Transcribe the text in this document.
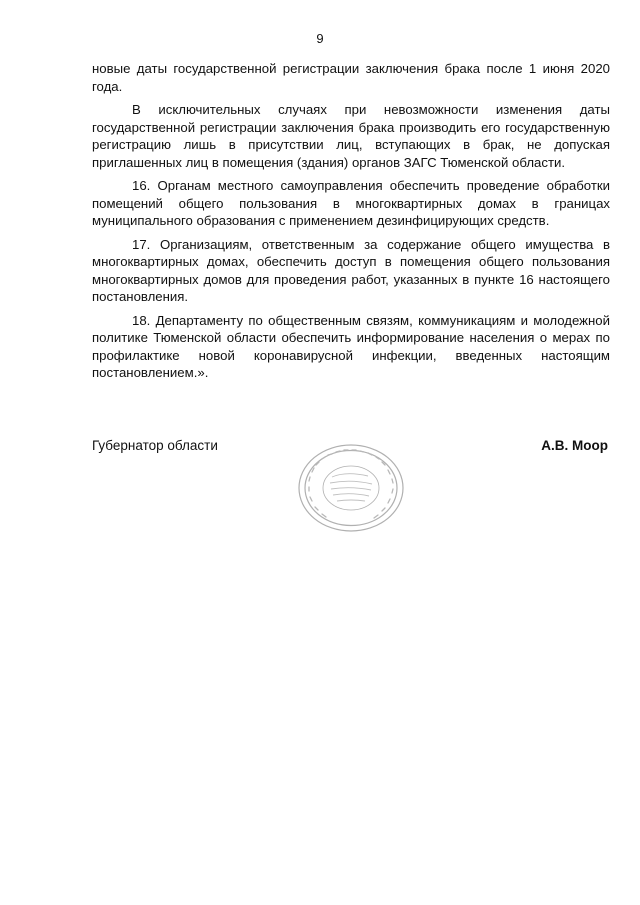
9

новые даты государственной регистрации заключения брака после 1 июня 2020 года.

В исключительных случаях при невозможности изменения даты государственной регистрации заключения брака производить его государственную регистрацию лишь в присутствии лиц, вступающих в брак, не допуская приглашенных лиц в помещения (здания) органов ЗАГС Тюменской области.

16. Органам местного самоуправления обеспечить проведение обработки помещений общего пользования в многоквартирных домах в границах муниципального образования с применением дезинфицирующих средств.

17. Организациям, ответственным за содержание общего имущества в многоквартирных домах, обеспечить доступ в помещения общего пользования многоквартирных домов для проведения работ, указанных в пункте 16 настоящего постановления.

18. Департаменту по общественным связям, коммуникациям и молодежной политике Тюменской области обеспечить информирование населения о мерах по профилактике новой коронавирусной инфекции, введенных настоящим постановлением.».

Губернатор области	А.В. Моор
